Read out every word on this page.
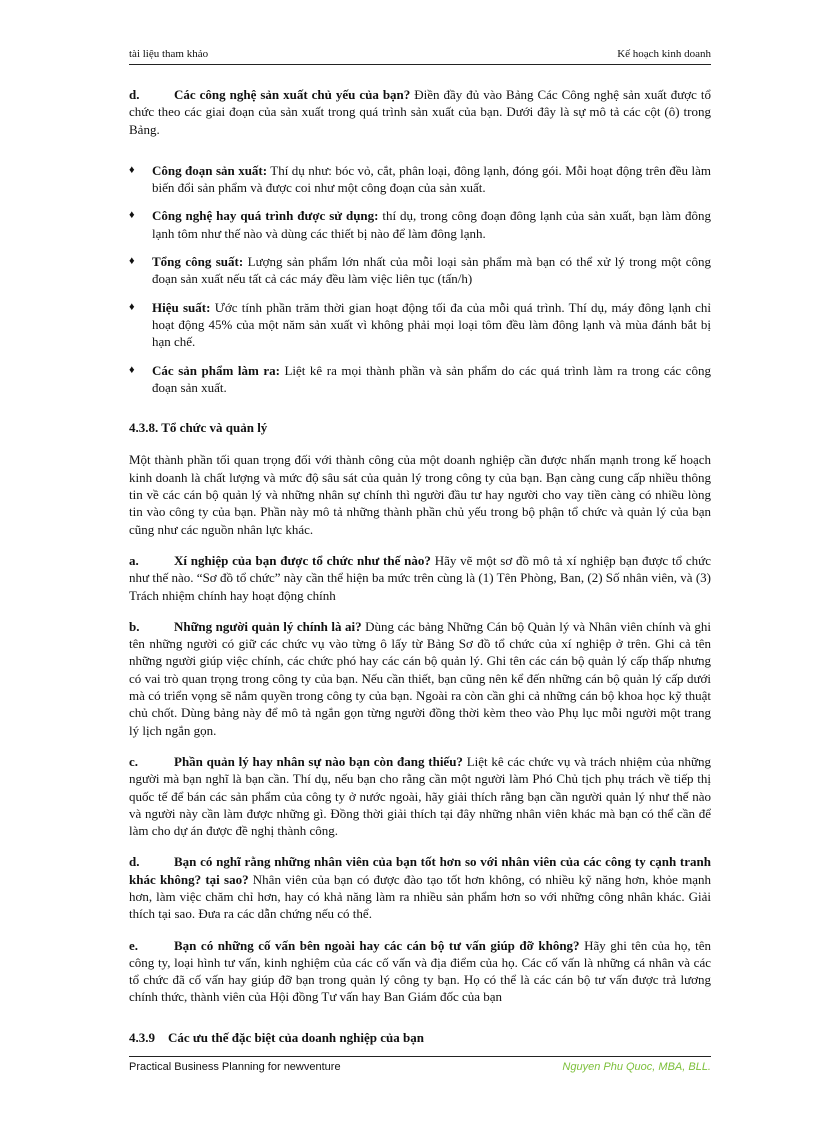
tài liệu tham khảo	Kế hoạch kinh doanh

d.	Các công nghệ sản xuất chủ yếu của bạn? Điền đầy đủ vào Bảng Các Công nghệ sản xuất được tổ chức theo các giai đoạn của sản xuất trong quá trình sản xuất của bạn. Dưới đây là sự mô tả các cột (ô) trong Bảng.

♦ Công đoạn sản xuất: Thí dụ như: bóc vỏ, cắt, phân loại, đông lạnh, đóng gói. Mỗi hoạt động trên đều làm biến đổi sản phẩm và được coi như một công đoạn của sản xuất.
♦ Công nghệ hay quá trình được sử dụng: thí dụ, trong công đoạn đông lạnh của sản xuất, bạn làm đông lạnh tôm như thế nào và dùng các thiết bị nào để làm đông lạnh.
♦ Tổng công suất: Lượng sản phẩm lớn nhất của mỗi loại sản phẩm mà bạn có thể xử lý trong một công đoạn sản xuất nếu tất cả các máy đều làm việc liên tục (tấn/h)
♦ Hiệu suất: Ước tính phần trăm thời gian hoạt động tối đa của mỗi quá trình. Thí dụ, máy đông lạnh chỉ hoạt động 45% của một năm sản xuất vì không phải mọi loại tôm đều làm đông lạnh và mùa đánh bắt bị hạn chế.
♦ Các sản phẩm làm ra: Liệt kê ra mọi thành phần và sản phẩm do các quá trình làm ra trong các công đoạn sản xuất.
4.3.8. Tổ chức và quản lý

Một thành phần tối quan trọng đối với thành công của một doanh nghiệp cần được nhấn mạnh trong kế hoạch kinh doanh là chất lượng và mức độ sâu sát của quản lý trong công ty của bạn. Bạn càng cung cấp nhiều thông tin về các cán bộ quản lý và những nhân sự chính thì người đầu tư hay người cho vay tiền càng có nhiều lòng tin vào công ty của bạn. Phần này mô tả những thành phần chủ yếu trong bộ phận tổ chức và quản lý của bạn cũng như các nguồn nhân lực khác.

a.	Xí nghiệp của bạn được tổ chức như thế nào? Hãy vẽ một sơ đồ mô tả xí nghiệp bạn được tổ chức như thế nào. “Sơ đồ tổ chức” này cần thể hiện ba mức trên cùng là (1) Tên Phòng, Ban, (2) Số nhân viên, và (3) Trách nhiệm chính hay hoạt động chính

b.	Những người quản lý chính là ai? Dùng các bảng Những Cán bộ Quản lý và Nhân viên chính và ghi tên những người có giữ các chức vụ vào từng ô lấy từ Bảng Sơ đồ tổ chức của xí nghiệp ở trên. Ghi cả tên những người giúp việc chính, các chức phó hay các cán bộ quản lý. Ghi tên các cán bộ quản lý cấp thấp nhưng có vai trò quan trọng trong công ty của bạn. Nếu cần thiết, bạn cũng nên kể đến những cán bộ quản lý cấp dưới mà có triển vọng sẽ nắm quyền trong công ty của bạn. Ngoài ra còn cần ghi cả những cán bộ khoa học kỹ thuật chủ chốt. Dùng bảng này để mô tả ngắn gọn từng người đồng thời kèm theo vào Phụ lục mỗi người một trang lý lịch ngắn gọn.

c.	Phần quản lý hay nhân sự nào bạn còn đang thiếu? Liệt kê các chức vụ và trách nhiệm của những người mà bạn nghĩ là bạn cần. Thí dụ, nếu bạn cho rằng cần một người làm Phó Chủ tịch phụ trách về tiếp thị quốc tế để bán các sản phẩm của công ty ở nước ngoài, hãy giải thích rằng bạn cần người quản lý như thế nào và người này cần làm được những gì. Đồng thời giải thích tại đây những nhân viên khác mà bạn có thể cần để làm cho dự án được đề nghị thành công.

d.	Bạn có nghĩ rằng những nhân viên của bạn tốt hơn so với nhân viên của các công ty cạnh tranh khác không? tại sao? Nhân viên của bạn có được đào tạo tốt hơn không, có nhiều kỹ năng hơn, khỏe mạnh hơn, làm việc chăm chỉ hơn, hay có khả năng làm ra nhiều sản phẩm hơn so với những công nhân khác. Giải thích tại sao. Đưa ra các dẫn chứng nếu có thể.

e.	Bạn có những cố vấn bên ngoài hay các cán bộ tư vấn giúp đỡ không? Hãy ghi tên của họ, tên công ty, loại hình tư vấn, kinh nghiệm của các cố vấn và địa điểm của họ. Các cố vấn là những cá nhân và các tổ chức đã cố vấn hay giúp đỡ bạn trong quản lý công ty bạn. Họ có thể là các cán bộ tư vấn được trả lương chính thức, thành viên của Hội đồng Tư vấn hay Ban Giám đốc của bạn

4.3.9 Các ưu thế đặc biệt của doanh nghiệp của bạn
Practical Business Planning for newventure	Nguyen Phu Quoc, MBA, BLL.
